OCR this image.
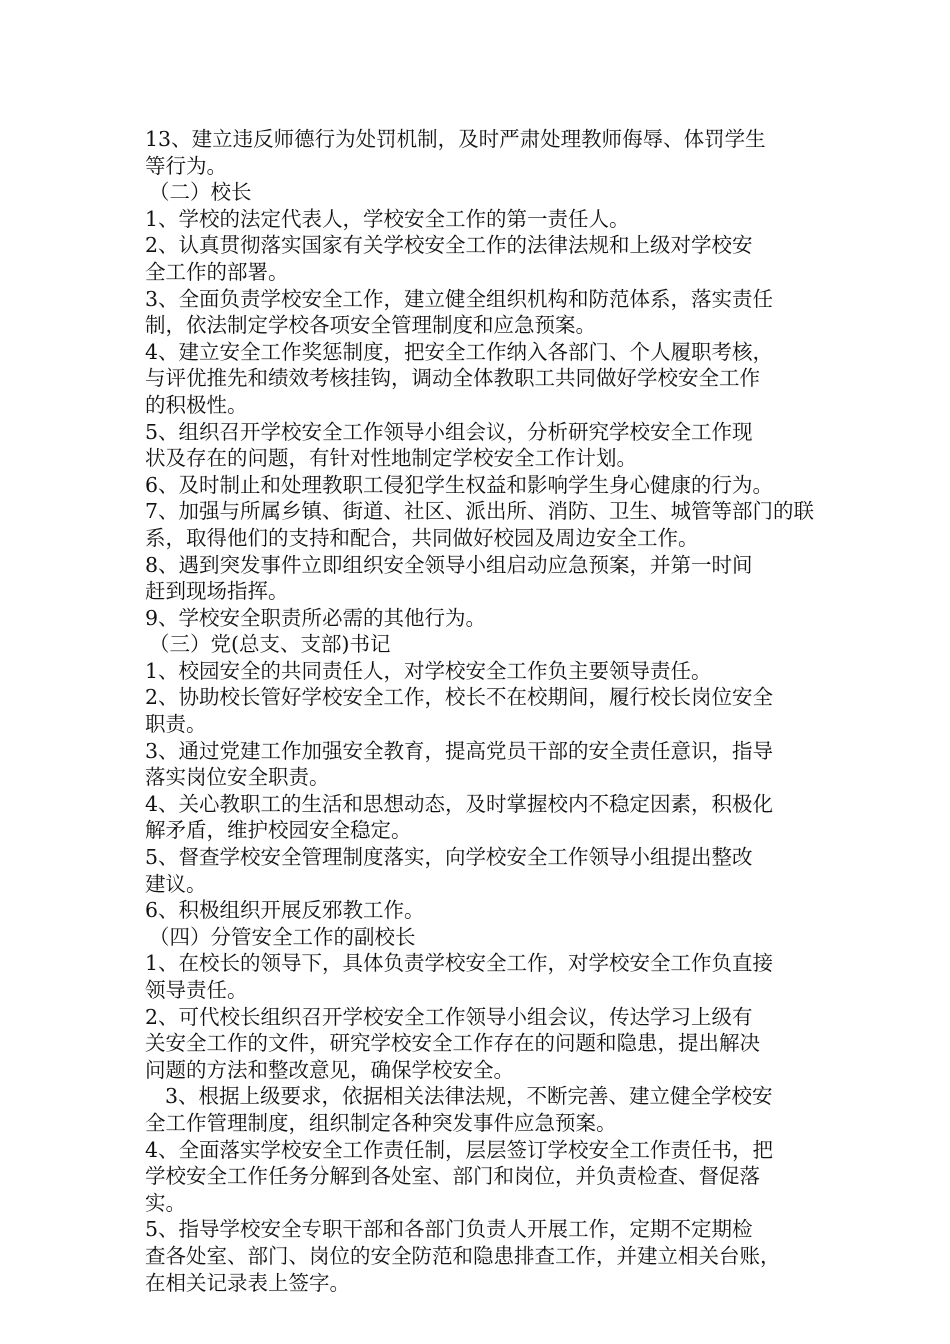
13、建立违反师德行为处罚机制，及时严肃处理教师侮辱、体罚学生

等行为。

（二）校长

1、学校的法定代表人，学校安全工作的第一责任人。

2、认真贯彻落实国家有关学校安全工作的法律法规和上级对学校安

全工作的部署。

3、全面负责学校安全工作，建立健全组织机构和防范体系，落实责任

制，依法制定学校各项安全管理制度和应急预案。

4、建立安全工作奖惩制度，把安全工作纳入各部门、个人履职考核，

与评优推先和绩效考核挂钩，调动全体教职工共同做好学校安全工作

的积极性。

5、组织召开学校安全工作领导小组会议，分析研究学校安全工作现

状及存在的问题，有针对性地制定学校安全工作计划。

6、及时制止和处理教职工侵犯学生权益和影响学生身心健康的行为。

7、加强与所属乡镇、街道、社区、派出所、消防、卫生、城管等部门的联

系，取得他们的支持和配合，共同做好校园及周边安全工作。

8、遇到突发事件立即组织安全领导小组启动应急预案，并第一时间

赶到现场指挥。

9、学校安全职责所必需的其他行为。

（三）党(总支、支部)书记

1、校园安全的共同责任人，对学校安全工作负主要领导责任。

2、协助校长管好学校安全工作，校长不在校期间，履行校长岗位安全

职责。

3、通过党建工作加强安全教育，提高党员干部的安全责任意识，指导

落实岗位安全职责。

4、关心教职工的生活和思想动态，及时掌握校内不稳定因素，积极化

解矛盾，维护校园安全稳定。

5、督查学校安全管理制度落实，向学校安全工作领导小组提出整改

建议。

6、积极组织开展反邪教工作。

（四）分管安全工作的副校长

1、在校长的领导下，具体负责学校安全工作，对学校安全工作负直接

领导责任。

2、可代校长组织召开学校安全工作领导小组会议，传达学习上级有

关安全工作的文件，研究学校安全工作存在的问题和隐患，提出解决

问题的方法和整改意见，确保学校安全。

3、根据上级要求，依据相关法律法规，不断完善、建立健全学校安

全工作管理制度，组织制定各种突发事件应急预案。

4、全面落实学校安全工作责任制，层层签订学校安全工作责任书，把

学校安全工作任务分解到各处室、部门和岗位，并负责检查、督促落

实。

5、指导学校安全专职干部和各部门负责人开展工作，定期不定期检

查各处室、部门、岗位的安全防范和隐患排查工作，并建立相关台账，

在相关记录表上签字。
